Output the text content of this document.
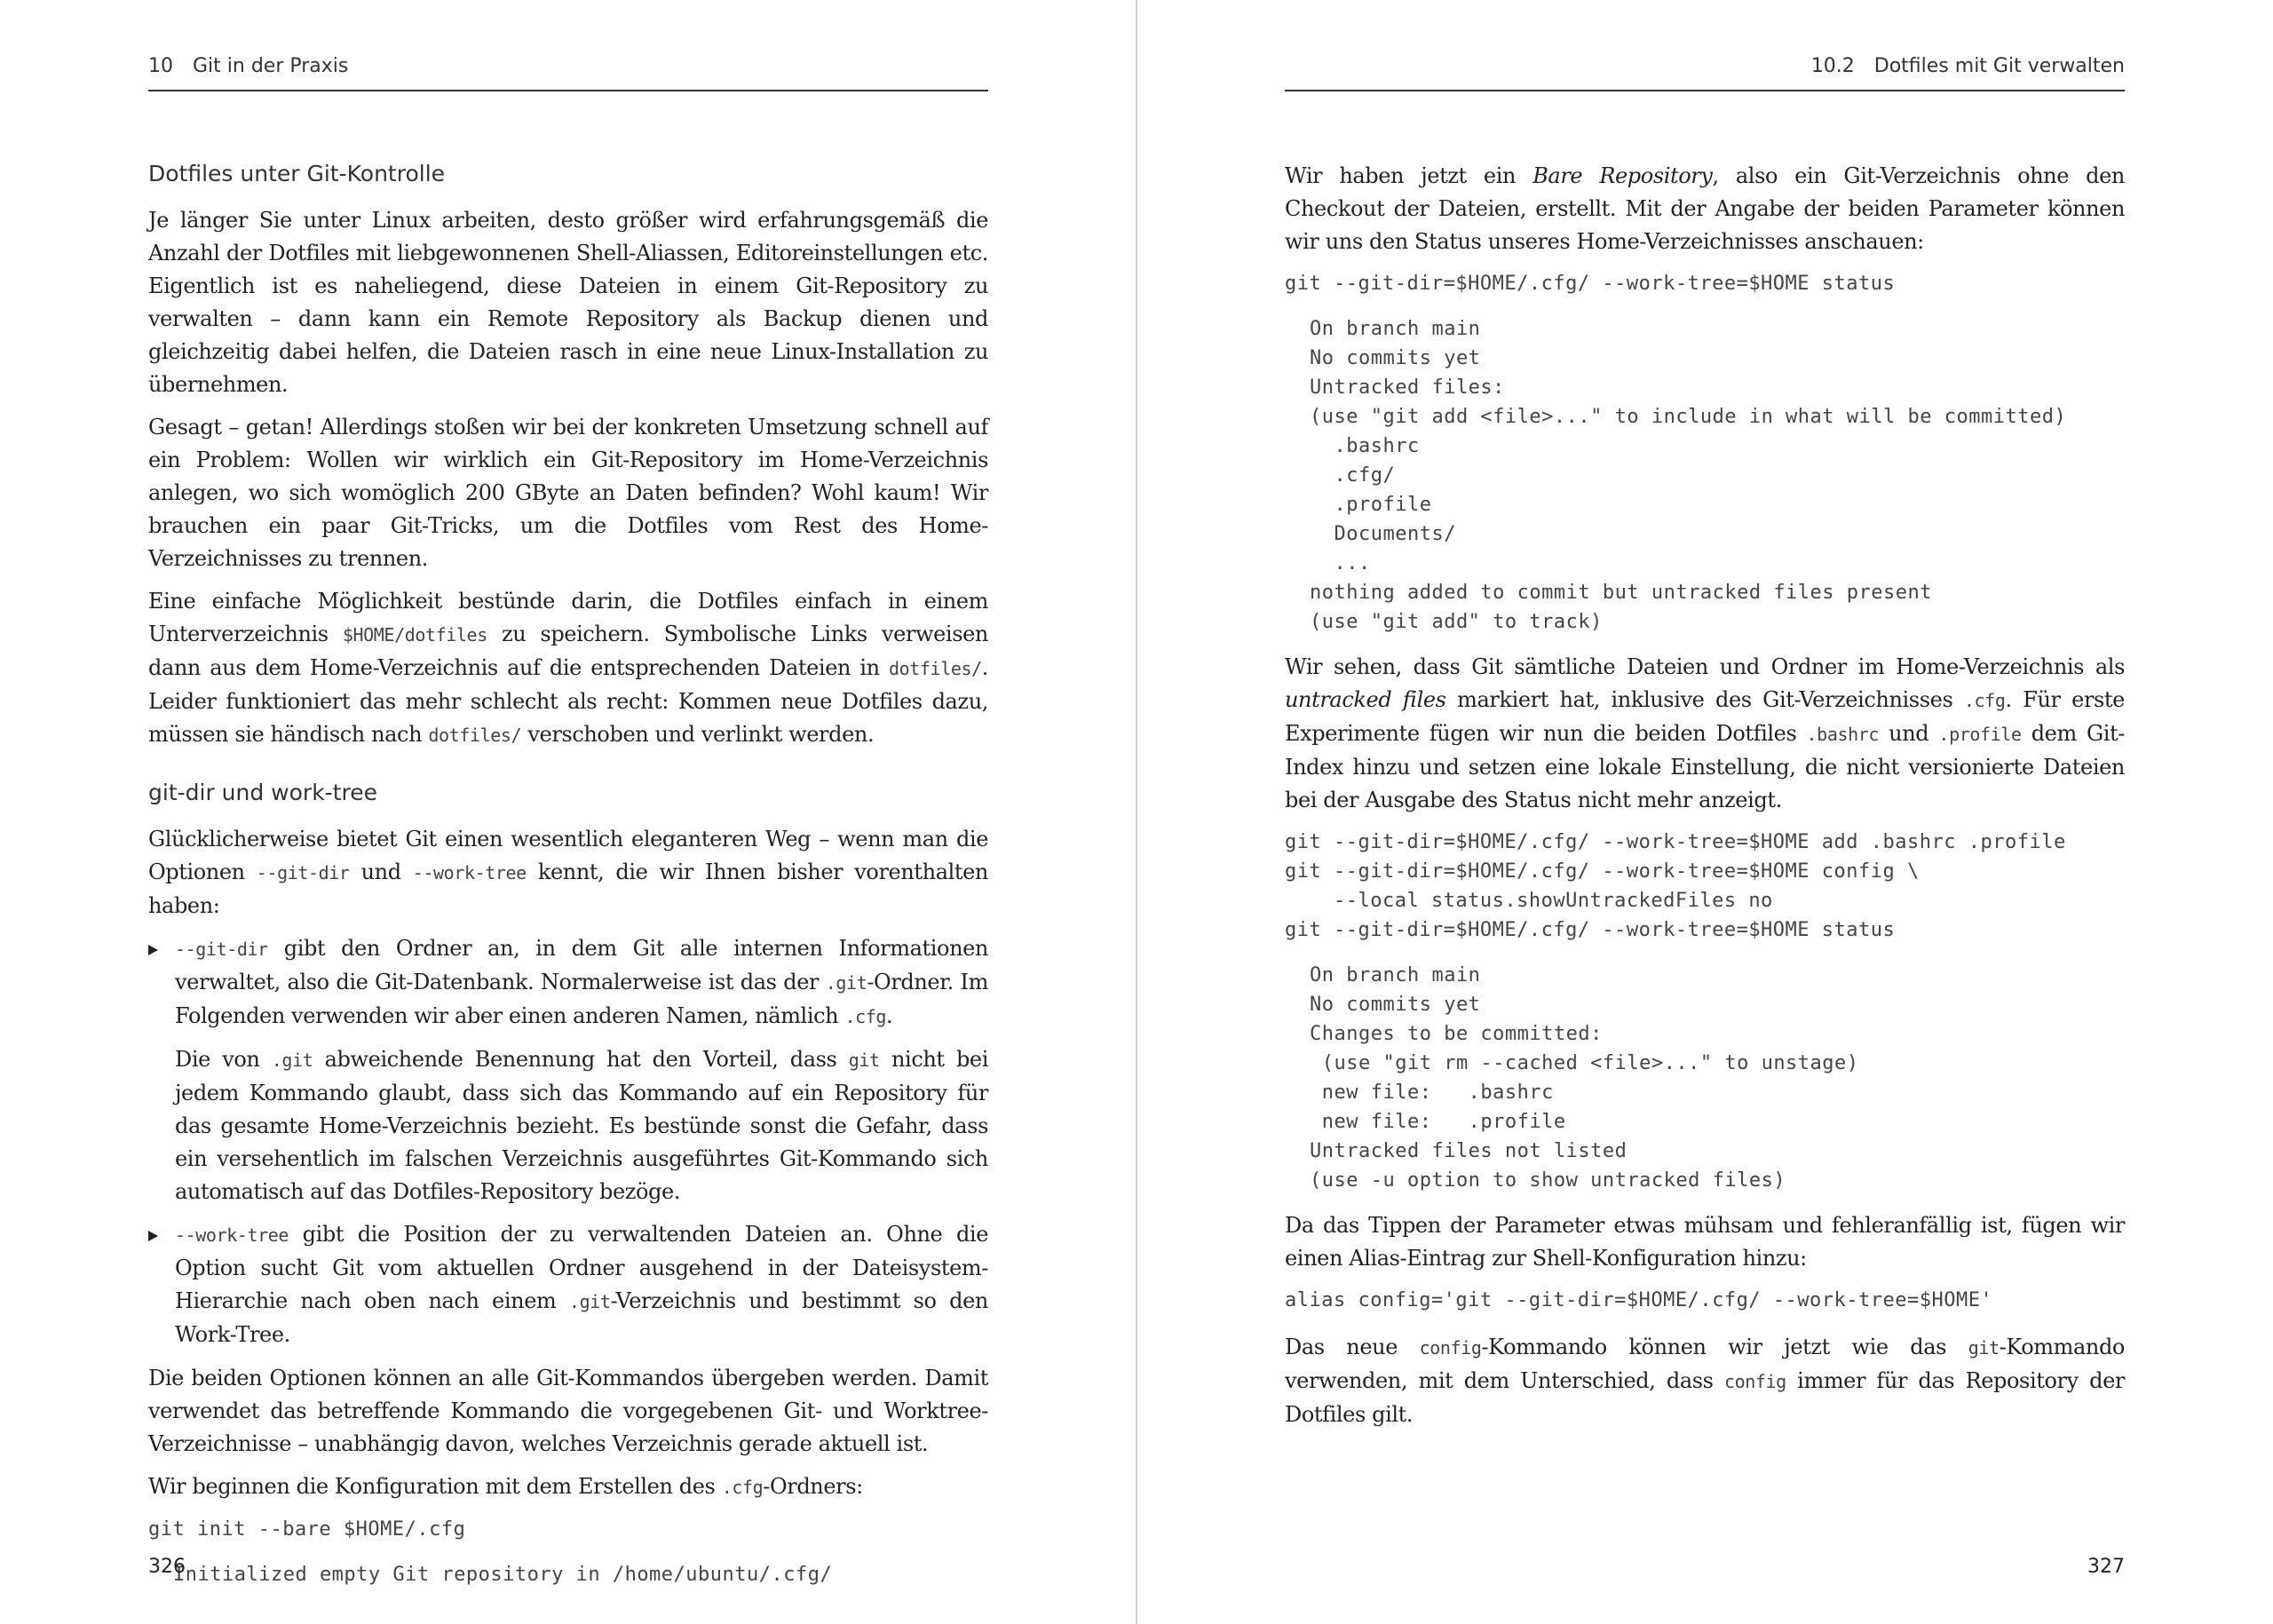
10 Git in der Praxis
Dotfiles unter Git-Kontrolle

Je länger Sie unter Linux arbeiten, desto größer wird erfahrungsgemäß die Anzahl der Dotfiles mit liebgewonnenen Shell-Aliassen, Editoreinstellungen etc. Eigentlich ist es naheliegend, diese Dateien in einem Git-Repository zu verwalten – dann kann ein Remote Repository als Backup dienen und gleichzeitig dabei helfen, die Dateien rasch in eine neue Linux-Installation zu übernehmen.

Gesagt – getan! Allerdings stoßen wir bei der konkreten Umsetzung schnell auf ein Problem: Wollen wir wirklich ein Git-Repository im Home-Verzeichnis anlegen, wo sich womöglich 200 GByte an Daten befinden? Wohl kaum! Wir brauchen ein paar Git-Tricks, um die Dotfiles vom Rest des Home-Verzeichnisses zu trennen.

Eine einfache Möglichkeit bestünde darin, die Dotfiles einfach in einem Unterverzeichnis $HOME/dotfiles zu speichern. Symbolische Links verweisen dann aus dem Home-Verzeichnis auf die entsprechenden Dateien in dotfiles/. Leider funktioniert das mehr schlecht als recht: Kommen neue Dotfiles dazu, müssen sie händisch nach dotfiles/ verschoben und verlinkt werden.

git-dir und work-tree

Glücklicherweise bietet Git einen wesentlich eleganteren Weg – wenn man die Optionen --git-dir und --work-tree kennt, die wir Ihnen bisher vorenthalten haben:

--git-dir gibt den Ordner an, in dem Git alle internen Informationen verwaltet, also die Git-Datenbank. Normalerweise ist das der .git-Ordner. Im Folgenden verwenden wir aber einen anderen Namen, nämlich .cfg.

Die von .git abweichende Benennung hat den Vorteil, dass git nicht bei jedem Kommando glaubt, dass sich das Kommando auf ein Repository für das gesamte Home-Verzeichnis bezieht. Es bestünde sonst die Gefahr, dass ein versehentlich im falschen Verzeichnis ausgeführtes Git-Kommando sich automatisch auf das Dotfiles-Repository bezöge.

--work-tree gibt die Position der zu verwaltenden Dateien an. Ohne die Option sucht Git vom aktuellen Ordner ausgehend in der Dateisystem-Hierarchie nach oben nach einem .git-Verzeichnis und bestimmt so den Work-Tree.

Die beiden Optionen können an alle Git-Kommandos übergeben werden. Damit verwendet das betreffende Kommando die vorgegebenen Git- und Worktree-Verzeichnisse – unabhängig davon, welches Verzeichnis gerade aktuell ist.

Wir beginnen die Konfiguration mit dem Erstellen des .cfg-Ordners:

git init --bare $HOME/.cfg
Initialized empty Git repository in /home/ubuntu/.cfg/
326
10.2 Dotfiles mit Git verwalten

Wir haben jetzt ein Bare Repository, also ein Git-Verzeichnis ohne den Checkout der Dateien, erstellt. Mit der Angabe der beiden Parameter können wir uns den Status unseres Home-Verzeichnisses anschauen:

git --git-dir=$HOME/.cfg/ --work-tree=$HOME status
On branch main
No commits yet
Untracked files:
(use "git add <file>..." to include in what will be committed)
.bashrc
.cfg/
.profile
Documents/
...
nothing added to commit but untracked files present
(use "git add" to track)

Wir sehen, dass Git sämtliche Dateien und Ordner im Home-Verzeichnis als untracked files markiert hat, inklusive des Git-Verzeichnisses .cfg. Für erste Experimente fügen wir nun die beiden Dotfiles .bashrc und .profile dem Git-Index hinzu und setzen eine lokale Einstellung, die nicht versionierte Dateien bei der Ausgabe des Status nicht mehr anzeigt.

git --git-dir=$HOME/.cfg/ --work-tree=$HOME add .bashrc .profile
git --git-dir=$HOME/.cfg/ --work-tree=$HOME config \
--local status.showUntrackedFiles no
git --git-dir=$HOME/.cfg/ --work-tree=$HOME status
On branch main
No commits yet
Changes to be committed:
(use "git rm --cached <file>..." to unstage)
new file:   .bashrc
new file:   .profile
Untracked files not listed
(use -u option to show untracked files)

Da das Tippen der Parameter etwas mühsam und fehleranfällig ist, fügen wir einen Alias-Eintrag zur Shell-Konfiguration hinzu:

alias config='git --git-dir=$HOME/.cfg/ --work-tree=$HOME'

Das neue config-Kommando können wir jetzt wie das git-Kommando verwenden, mit dem Unterschied, dass config immer für das Repository der Dotfiles gilt.

327
